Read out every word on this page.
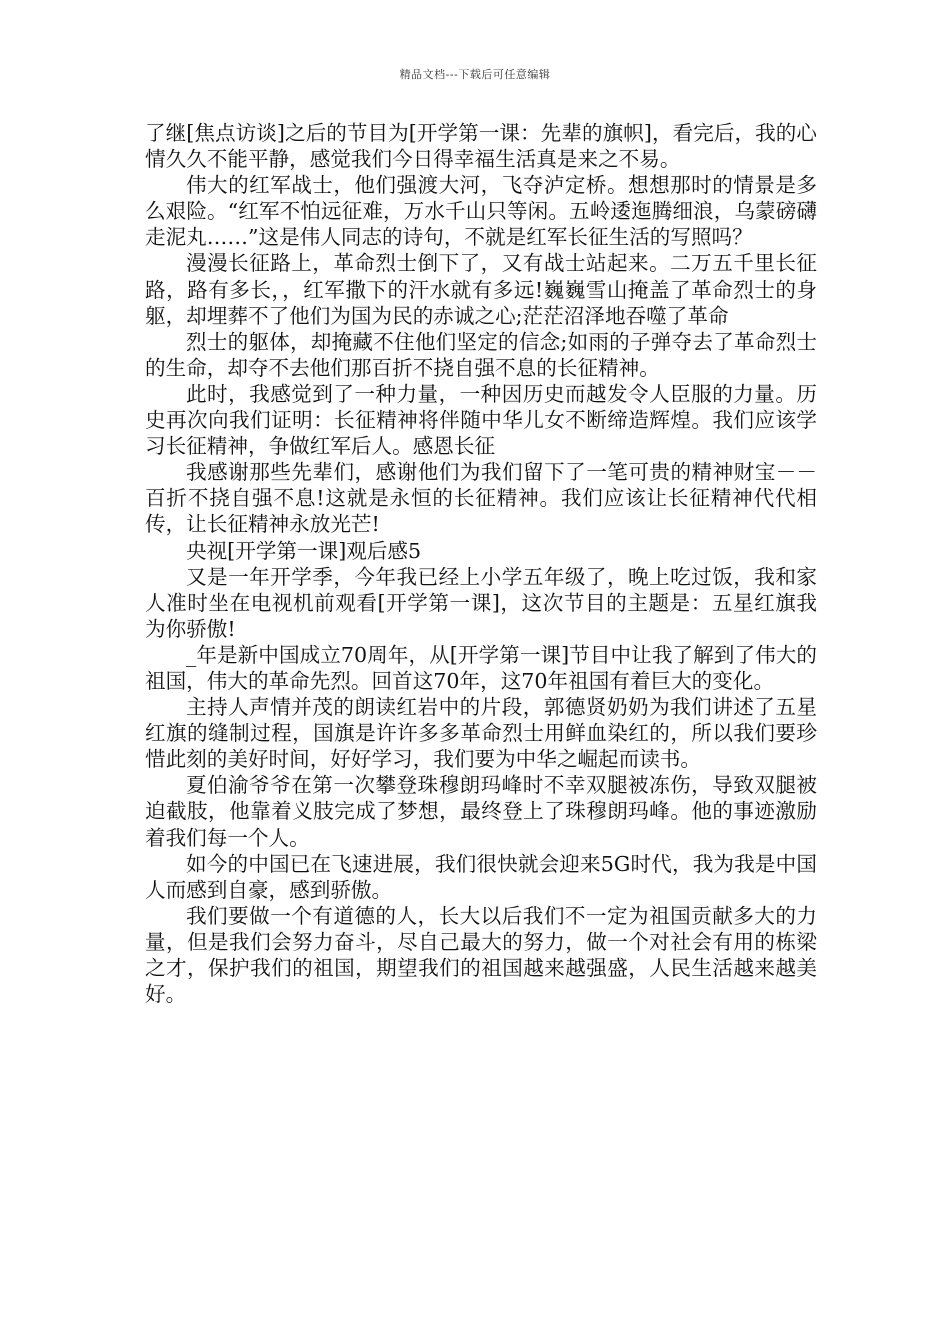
精品文档---下载后可任意编辑

了继[焦点访谈]之后的节目为[开学第一课：先辈的旗帜]，看完后，我的心情久久不能平静，感觉我们今日得幸福生活真是来之不易。

伟大的红军战士，他们强渡大河，飞夺泸定桥。想想那时的情景是多么艰险。“红军不怕远征难，万水千山只等闲。五岭逶迤腾细浪，乌蒙磅礴走泥丸……”这是伟人同志的诗句，不就是红军长征生活的写照吗？

漫漫长征路上，革命烈士倒下了，又有战士站起来。二万五千里长征路，路有多长，，红军撒下的汗水就有多远!巍巍雪山掩盖了革命烈士的身躯，却埋葬不了他们为国为民的赤诚之心;茫茫沼泽地吞噬了革命

烈士的躯体，却掩藏不住他们坚定的信念;如雨的子弹夺去了革命烈士的生命，却夺不去他们那百折不挠自强不息的长征精神。

此时，我感觉到了一种力量，一种因历史而越发令人臣服的力量。历史再次向我们证明：长征精神将伴随中华儿女不断缔造辉煌。我们应该学习长征精神，争做红军后人。感恩长征

我感谢那些先辈们，感谢他们为我们留下了一笔可贵的精神财宝－－百折不挠自强不息!这就是永恒的长征精神。我们应该让长征精神代代相传，让长征精神永放光芒!

央视[开学第一课]观后感5

又是一年开学季，今年我已经上小学五年级了，晚上吃过饭，我和家人准时坐在电视机前观看[开学第一课]，这次节目的主题是：五星红旗我为你骄傲!

_年是新中国成立70周年，从[开学第一课]节目中让我了解到了伟大的祖国，伟大的革命先烈。回首这70年，这70年祖国有着巨大的变化。

主持人声情并茂的朗读红岩中的片段，郭德贤奶奶为我们讲述了五星红旗的缝制过程，国旗是许许多多革命烈士用鲜血染红的，所以我们要珍惜此刻的美好时间，好好学习，我们要为中华之崛起而读书。

夏伯渝爷爷在第一次攀登珠穆朗玛峰时不幸双腿被冻伤，导致双腿被迫截肢，他靠着义肢完成了梦想，最终登上了珠穆朗玛峰。他的事迹激励着我们每一个人。

如今的中国已在飞速进展，我们很快就会迎来5G时代，我为我是中国人而感到自豪，感到骄傲。

我们要做一个有道德的人，长大以后我们不一定为祖国贡献多大的力量，但是我们会努力奋斗，尽自己最大的努力，做一个对社会有用的栋梁之才，保护我们的祖国，期望我们的祖国越来越强盛，人民生活越来越美好。
